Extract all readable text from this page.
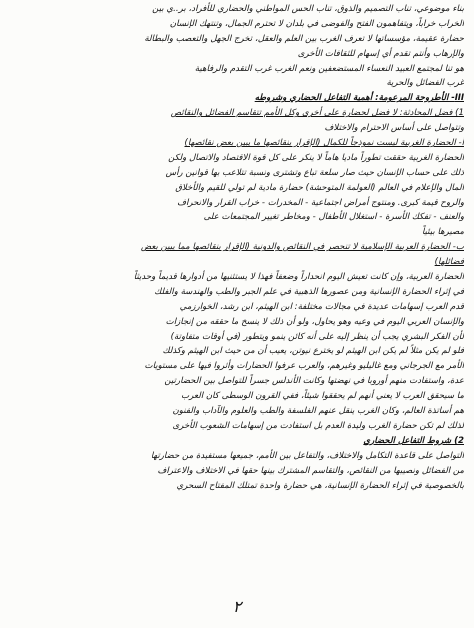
بناء موضوعي، تناب التصميم والذوق، تناب الحس المواطني والحضاري للأفراد، بر..ي بين
الخراب خراباً، ويتفاهمون الفتح والفوضى في بلدان لا تحترم الجمال، وتنتهك الإنسان
حضارة عقيمة، مؤسساتها لا تعرف الغرب بين العلم والعقل، تخرج الجهل والتعصب والبطالة
والإرهاب وأنتم تقدم أي إسهام للثقافات الأخرى
هو تنا لمجتمع العبيد النعساء المستضعفين ونعم الغرب غرب التقدم والرفاهية
غرب الفضائل والحرية
III- الأطروحة المرعومة: أهمية التفاعل الحضاري وشروطه
1) فضل المحادثة: لا فضل لحضارة على أخرى وكل الأمم تتقاسم الفضائل والنقائص
وتتواصل على أساس الاحترام والاختلاف
أ- الحضارة الغربية ليست نموذجاً للكمال (الإقرار بنقائصها ما يبين بعض نقائصها)
الحضارة الغربية حققت تطوراً ماديا هاماً لا ينكر على كل قوة الاقتصاد والاتصال ولكن
ذلك على حساب الإنسان حيث صار سلعة تباع وتشترى ونسبة تتلاعب بها قوانين رأس
المال والإعلام في العالم (العولمة المتوحشة) حضارة مادية لم تولي للقيم والأخلاق
والروح قيمة كبرى. ومنتوج أمراض اجتماعية - المخدرات - خراب القرار والانحراف
والعنف - تفكك الأسرة - استغلال الأطفال - ومخاطر تغيير المجتمعات على
مصيرها بيئياً
ب- الحضارة العربية الإسلامية لا تنحصر في النقائص والدونية (الإقرار بنقائصها مما يبين بعض
فضائلها)
الحضارة العربية، وإن كانت تعيش اليوم انحداراً وضعفاً فهذا لا يستثنيها من أدوارها قديماً وحديثاً
في إثراء الحضارة الإنسانية ومن عصورها الذهبية في علم الجبر والطب والهندسة والفلك
قدم العرب إسهامات عديدة في مجالات مختلفة: ابن الهيثم، ابن رشد، الخوارزمي
والإنسان العربي اليوم في وعيه وهو يحاول، ولو أن ذلك لا ينسخ ما حققه من إنجازات
لأن الفكر البشري يجب أن ينظر إليه على أنه كائن ينمو ويتطور (في أوقات متفاوتة)
فلو لم يكن مثلاً لم يكن ابن الهيثم لو يخترع نيوتن، يعيب أن من حيث ابن الهيثم وكذلك
الأمر مع الجرجاني ومع غاليليو وغيرهم، والعرب عرفوا الحضارات وأثروا فيها على مستويات
عدة، واستفادت منهم أوروبا في نهضتها وكانت الأندلس جسراً للتواصل بين الحضارتين
ما سيحقق العرب لا يعني أنهم لم يحققوا شيئاً، ففي القرون الوسطى كان العرب
هم أساتذة العالم، وكان الغرب ينقل عنهم الفلسفة والطب والعلوم والآداب والفنون
لذلك لم تكن حضارة الغرب وليدة العدم بل استفادت من إسهامات الشعوب الأخرى
2) شروط التفاعل الحضاري
التواصل على قاعدة التكامل والاختلاف، والتفاعل بين الأمم، جميعها مستفيدة من حضارتها
من الفضائل ونصيبها من النقائص، والتقاسم المشترك بينها حقها في الاختلاف والاعتراف
بالخصوصية في إثراء الحضارة الإنسانية، هي حضارة واحدة تمتلك المفتاح السحري
٢
